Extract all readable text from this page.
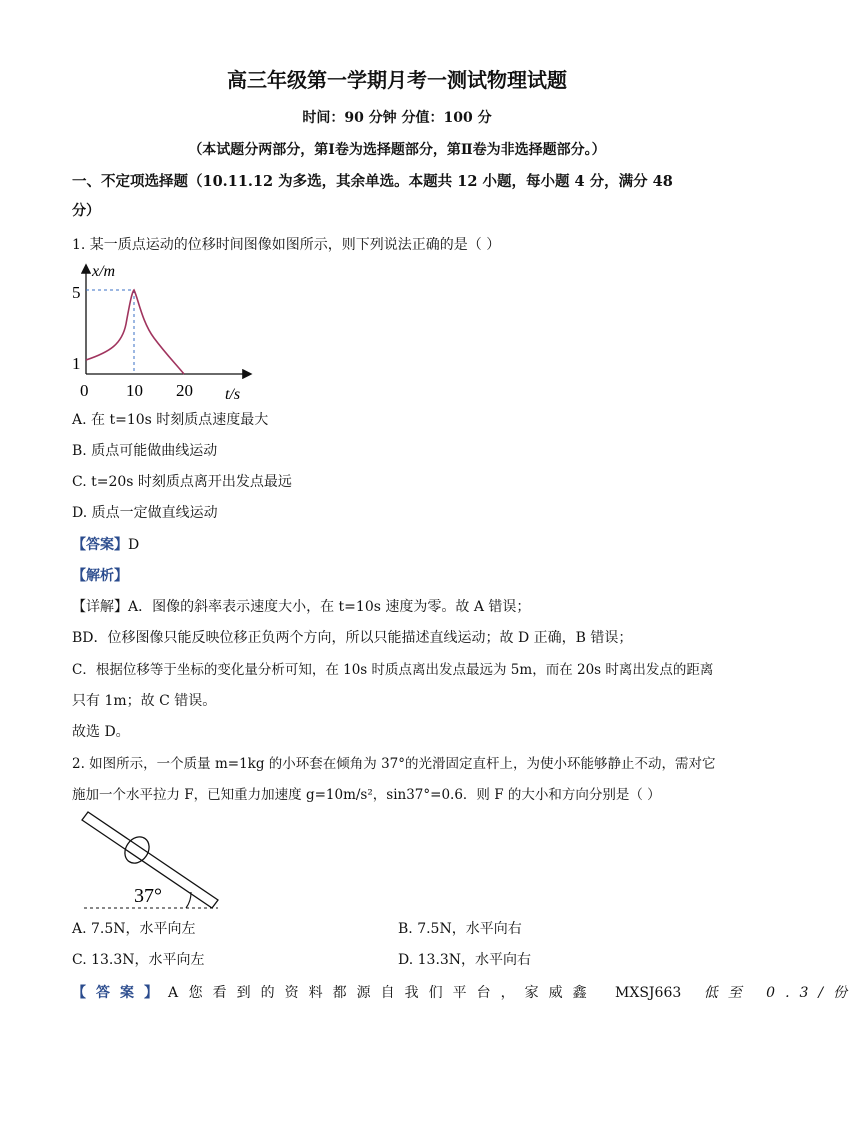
高三年级第一学期月考一测试物理试题
时间：90 分钟 分值：100 分
（本试题分两部分，第Ⅰ卷为选择题部分，第Ⅱ卷为非选择题部分。）
一、不定项选择题（10.11.12 为多选，其余单选。本题共 12 小题，每小题 4 分，满分 48
分）
1. 某一质点运动的位移时间图像如图所示，则下列说法正确的是（ ）
x/m
t/s
5
1
0 10 20
A. 在 t=10s 时刻质点速度最大
B. 质点可能做曲线运动
C. t=20s 时刻质点离开出发点最远
D. 质点一定做直线运动
【答案】D
【解析】
【详解】A．图像的斜率表示速度大小，在 t=10s 速度为零。故 A 错误；
BD．位移图像只能反映位移正负两个方向，所以只能描述直线运动；故 D 正确，B 错误；
C．根据位移等于坐标的变化量分析可知，在 10s 时质点离出发点最远为 5m，而在 20s 时离出发点的距离
只有 1m；故 C 错误。
故选 D。
2. 如图所示，一个质量 m=1kg 的小环套在倾角为 37°的光滑固定直杆上，为使小环能够静止不动，需对它
施加一个水平拉力 F，已知重力加速度 g=10m/s²，sin37°=0.6．则 F 的大小和方向分别是（ ）
37°
A. 7.5N，水平向左	B. 7.5N，水平向右
C. 13.3N，水平向左	D. 13.3N，水平向右
【答案】A 您看到的资料都源自我们平台，家威鑫 MXSJ663 低至 0.3/份
